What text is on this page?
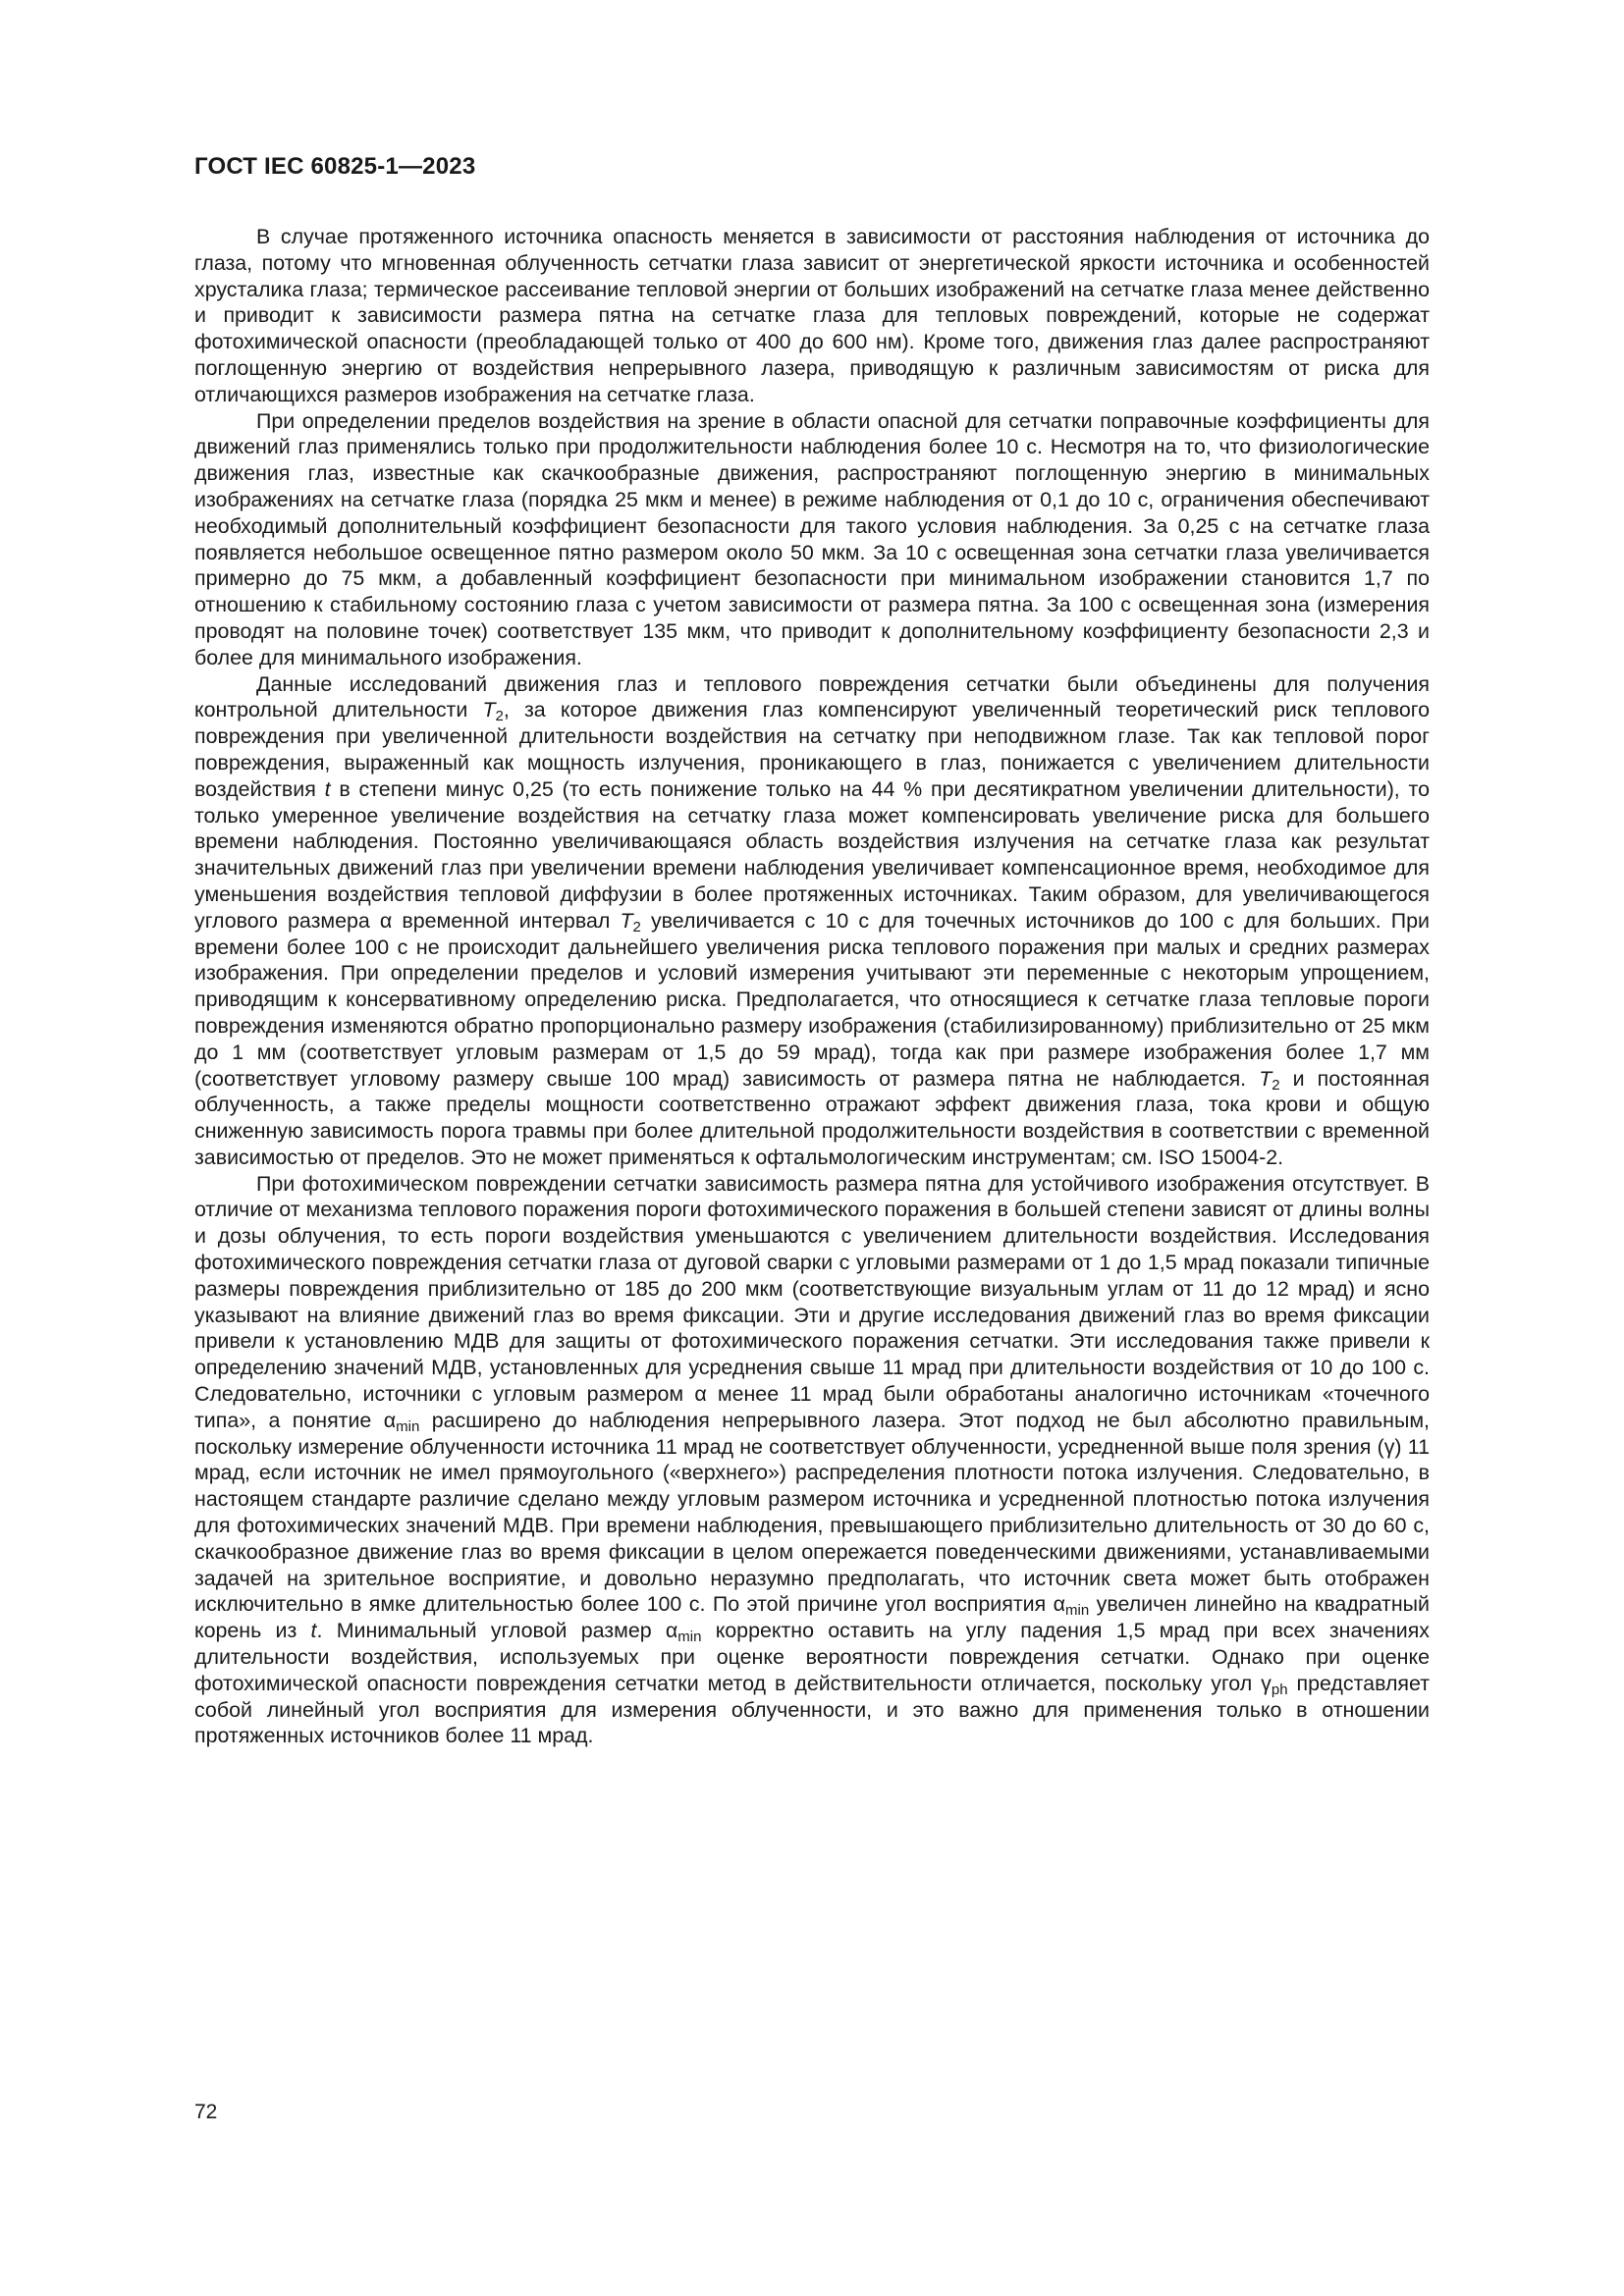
ГОСТ IEC 60825-1—2023

В случае протяженного источника опасность меняется в зависимости от расстояния наблюдения от источника до глаза, потому что мгновенная облученность сетчатки глаза зависит от энергетической яркости источника и особенностей хрусталика глаза; термическое рассеивание тепловой энергии от больших изображений на сетчатке глаза менее действенно и приводит к зависимости размера пятна на сетчатке глаза для тепловых повреждений, которые не содержат фотохимической опасности (преобладающей только от 400 до 600 нм). Кроме того, движения глаз далее распространяют поглощенную энергию от воздействия непрерывного лазера, приводящую к различным зависимостям от риска для отличающихся размеров изображения на сетчатке глаза.

При определении пределов воздействия на зрение в области опасной для сетчатки поправочные коэффициенты для движений глаз применялись только при продолжительности наблюдения более 10 с. Несмотря на то, что физиологические движения глаз, известные как скачкообразные движения, распространяют поглощенную энергию в минимальных изображениях на сетчатке глаза (порядка 25 мкм и менее) в режиме наблюдения от 0,1 до 10 с, ограничения обеспечивают необходимый дополнительный коэффициент безопасности для такого условия наблюдения. За 0,25 с на сетчатке глаза появляется небольшое освещенное пятно размером около 50 мкм. За 10 с освещенная зона сетчатки глаза увеличивается примерно до 75 мкм, а добавленный коэффициент безопасности при минимальном изображении становится 1,7 по отношению к стабильному состоянию глаза с учетом зависимости от размера пятна. За 100 с освещенная зона (измерения проводят на половине точек) соответствует 135 мкм, что приводит к дополнительному коэффициенту безопасности 2,3 и более для минимального изображения.

Данные исследований движения глаз и теплового повреждения сетчатки были объединены для получения контрольной длительности $T_2$, за которое движения глаз компенсируют увеличенный теоретический риск теплового повреждения при увеличенной длительности воздействия на сетчатку при неподвижном глазе. Так как тепловой порог повреждения, выраженный как мощность излучения, проникающего в глаз, понижается с увеличением длительности воздействия t в степени минус 0,25 (то есть понижение только на 44 % при десятикратном увеличении длительности), то только умеренное увеличение воздействия на сетчатку глаза может компенсировать увеличение риска для большего времени наблюдения. Постоянно увеличивающаяся область воздействия излучения на сетчатке глаза как результат значительных движений глаз при увеличении времени наблюдения увеличивает компенсационное время, необходимое для уменьшения воздействия тепловой диффузии в более протяженных источниках. Таким образом, для увеличивающегося углового размера α временной интервал $T_2$ увеличивается с 10 с для точечных источников до 100 с для больших. При времени более 100 с не происходит дальнейшего увеличения риска теплового поражения при малых и средних размерах изображения. При определении пределов и условий измерения учитывают эти переменные с некоторым упрощением, приводящим к консервативному определению риска. Предполагается, что относящиеся к сетчатке глаза тепловые пороги повреждения изменяются обратно пропорционально размеру изображения (стабилизированному) приблизительно от 25 мкм до 1 мм (соответствует угловым размерам от 1,5 до 59 мрад), тогда как при размере изображения более 1,7 мм (соответствует угловому размеру свыше 100 мрад) зависимость от размера пятна не наблюдается. $T_2$ и постоянная облученность, а также пределы мощности соответственно отражают эффект движения глаза, тока крови и общую сниженную зависимость порога травмы при более длительной продолжительности воздействия в соответствии с временной зависимостью от пределов. Это не может применяться к офтальмологическим инструментам; см. ISO 15004-2.

При фотохимическом повреждении сетчатки зависимость размера пятна для устойчивого изображения отсутствует. В отличие от механизма теплового поражения пороги фотохимического поражения в большей степени зависят от длины волны и дозы облучения, то есть пороги воздействия уменьшаются с увеличением длительности воздействия. Исследования фотохимического повреждения сетчатки глаза от дуговой сварки с угловыми размерами от 1 до 1,5 мрад показали типичные размеры повреждения приблизительно от 185 до 200 мкм (соответствующие визуальным углам от 11 до 12 мрад) и ясно указывают на влияние движений глаз во время фиксации. Эти и другие исследования движений глаз во время фиксации привели к установлению МДВ для защиты от фотохимического поражения сетчатки. Эти исследования также привели к определению значений МДВ, установленных для усреднения свыше 11 мрад при длительности воздействия от 10 до 100 с. Следовательно, источники с угловым размером α менее 11 мрад были обработаны аналогично источникам «точечного типа», а понятие $\alpha_{min}$ расширено до наблюдения непрерывного лазера. Этот подход не был абсолютно правильным, поскольку измерение облученности источника 11 мрад не соответствует облученности, усредненной выше поля зрения (γ) 11 мрад, если источник не имел прямоугольного («верхнего») распределения плотности потока излучения. Следовательно, в настоящем стандарте различие сделано между угловым размером источника и усредненной плотностью потока излучения для фотохимических значений МДВ. При времени наблюдения, превышающего приблизительно длительность от 30 до 60 с, скачкообразное движение глаз во время фиксации в целом опережается поведенческими движениями, устанавливаемыми задачей на зрительное восприятие, и довольно неразумно предполагать, что источник света может быть отображен исключительно в ямке длительностью более 100 с. По этой причине угол восприятия $\alpha_{min}$ увеличен линейно на квадратный корень из t. Минимальный угловой размер $\alpha_{min}$ корректно оставить на углу падения 1,5 мрад при всех значениях длительности воздействия, используемых при оценке вероятности повреждения сетчатки. Однако при оценке фотохимической опасности повреждения сетчатки метод в действительности отличается, поскольку угол $\gamma_{ph}$ представляет собой линейный угол восприятия для измерения облученности, и это важно для применения только в отношении протяженных источников более 11 мрад.

72
